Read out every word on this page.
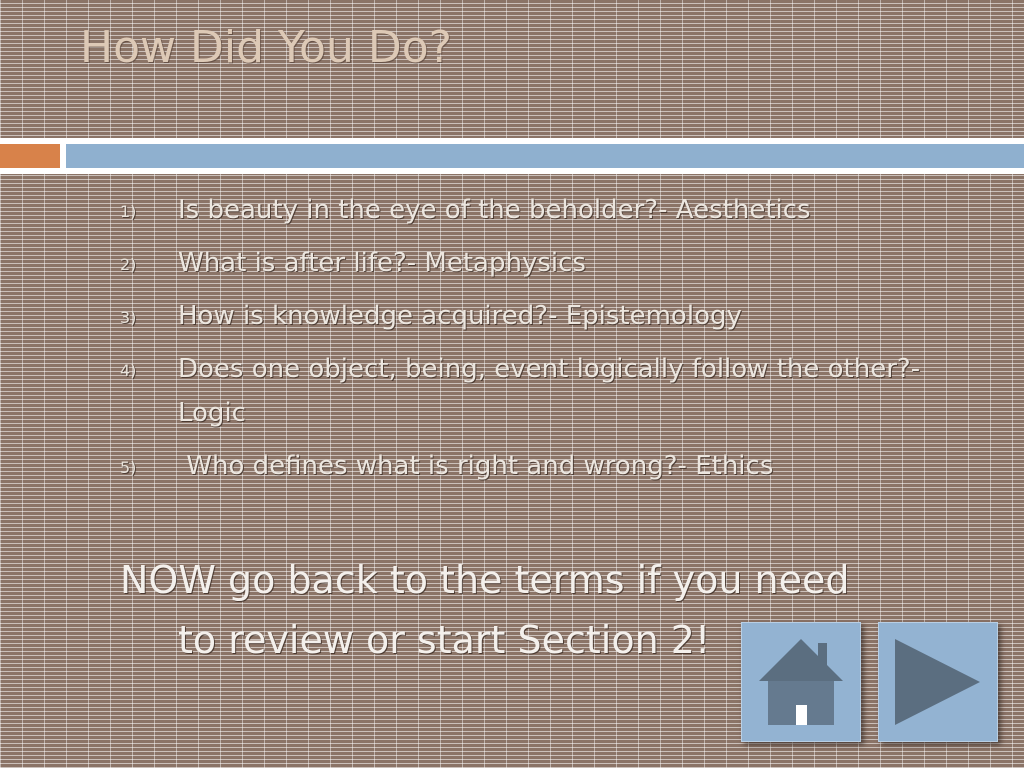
How Did You Do?
1) Is beauty in the eye of the beholder?- Aesthetics
2) What is after life?- Metaphysics
3) How is knowledge acquired?- Epistemology
4) Does one object, being, event logically follow the other?- Logic
5) Who defines what is right and wrong?- Ethics
NOW go back to the terms if you need
to review or start Section 2!
